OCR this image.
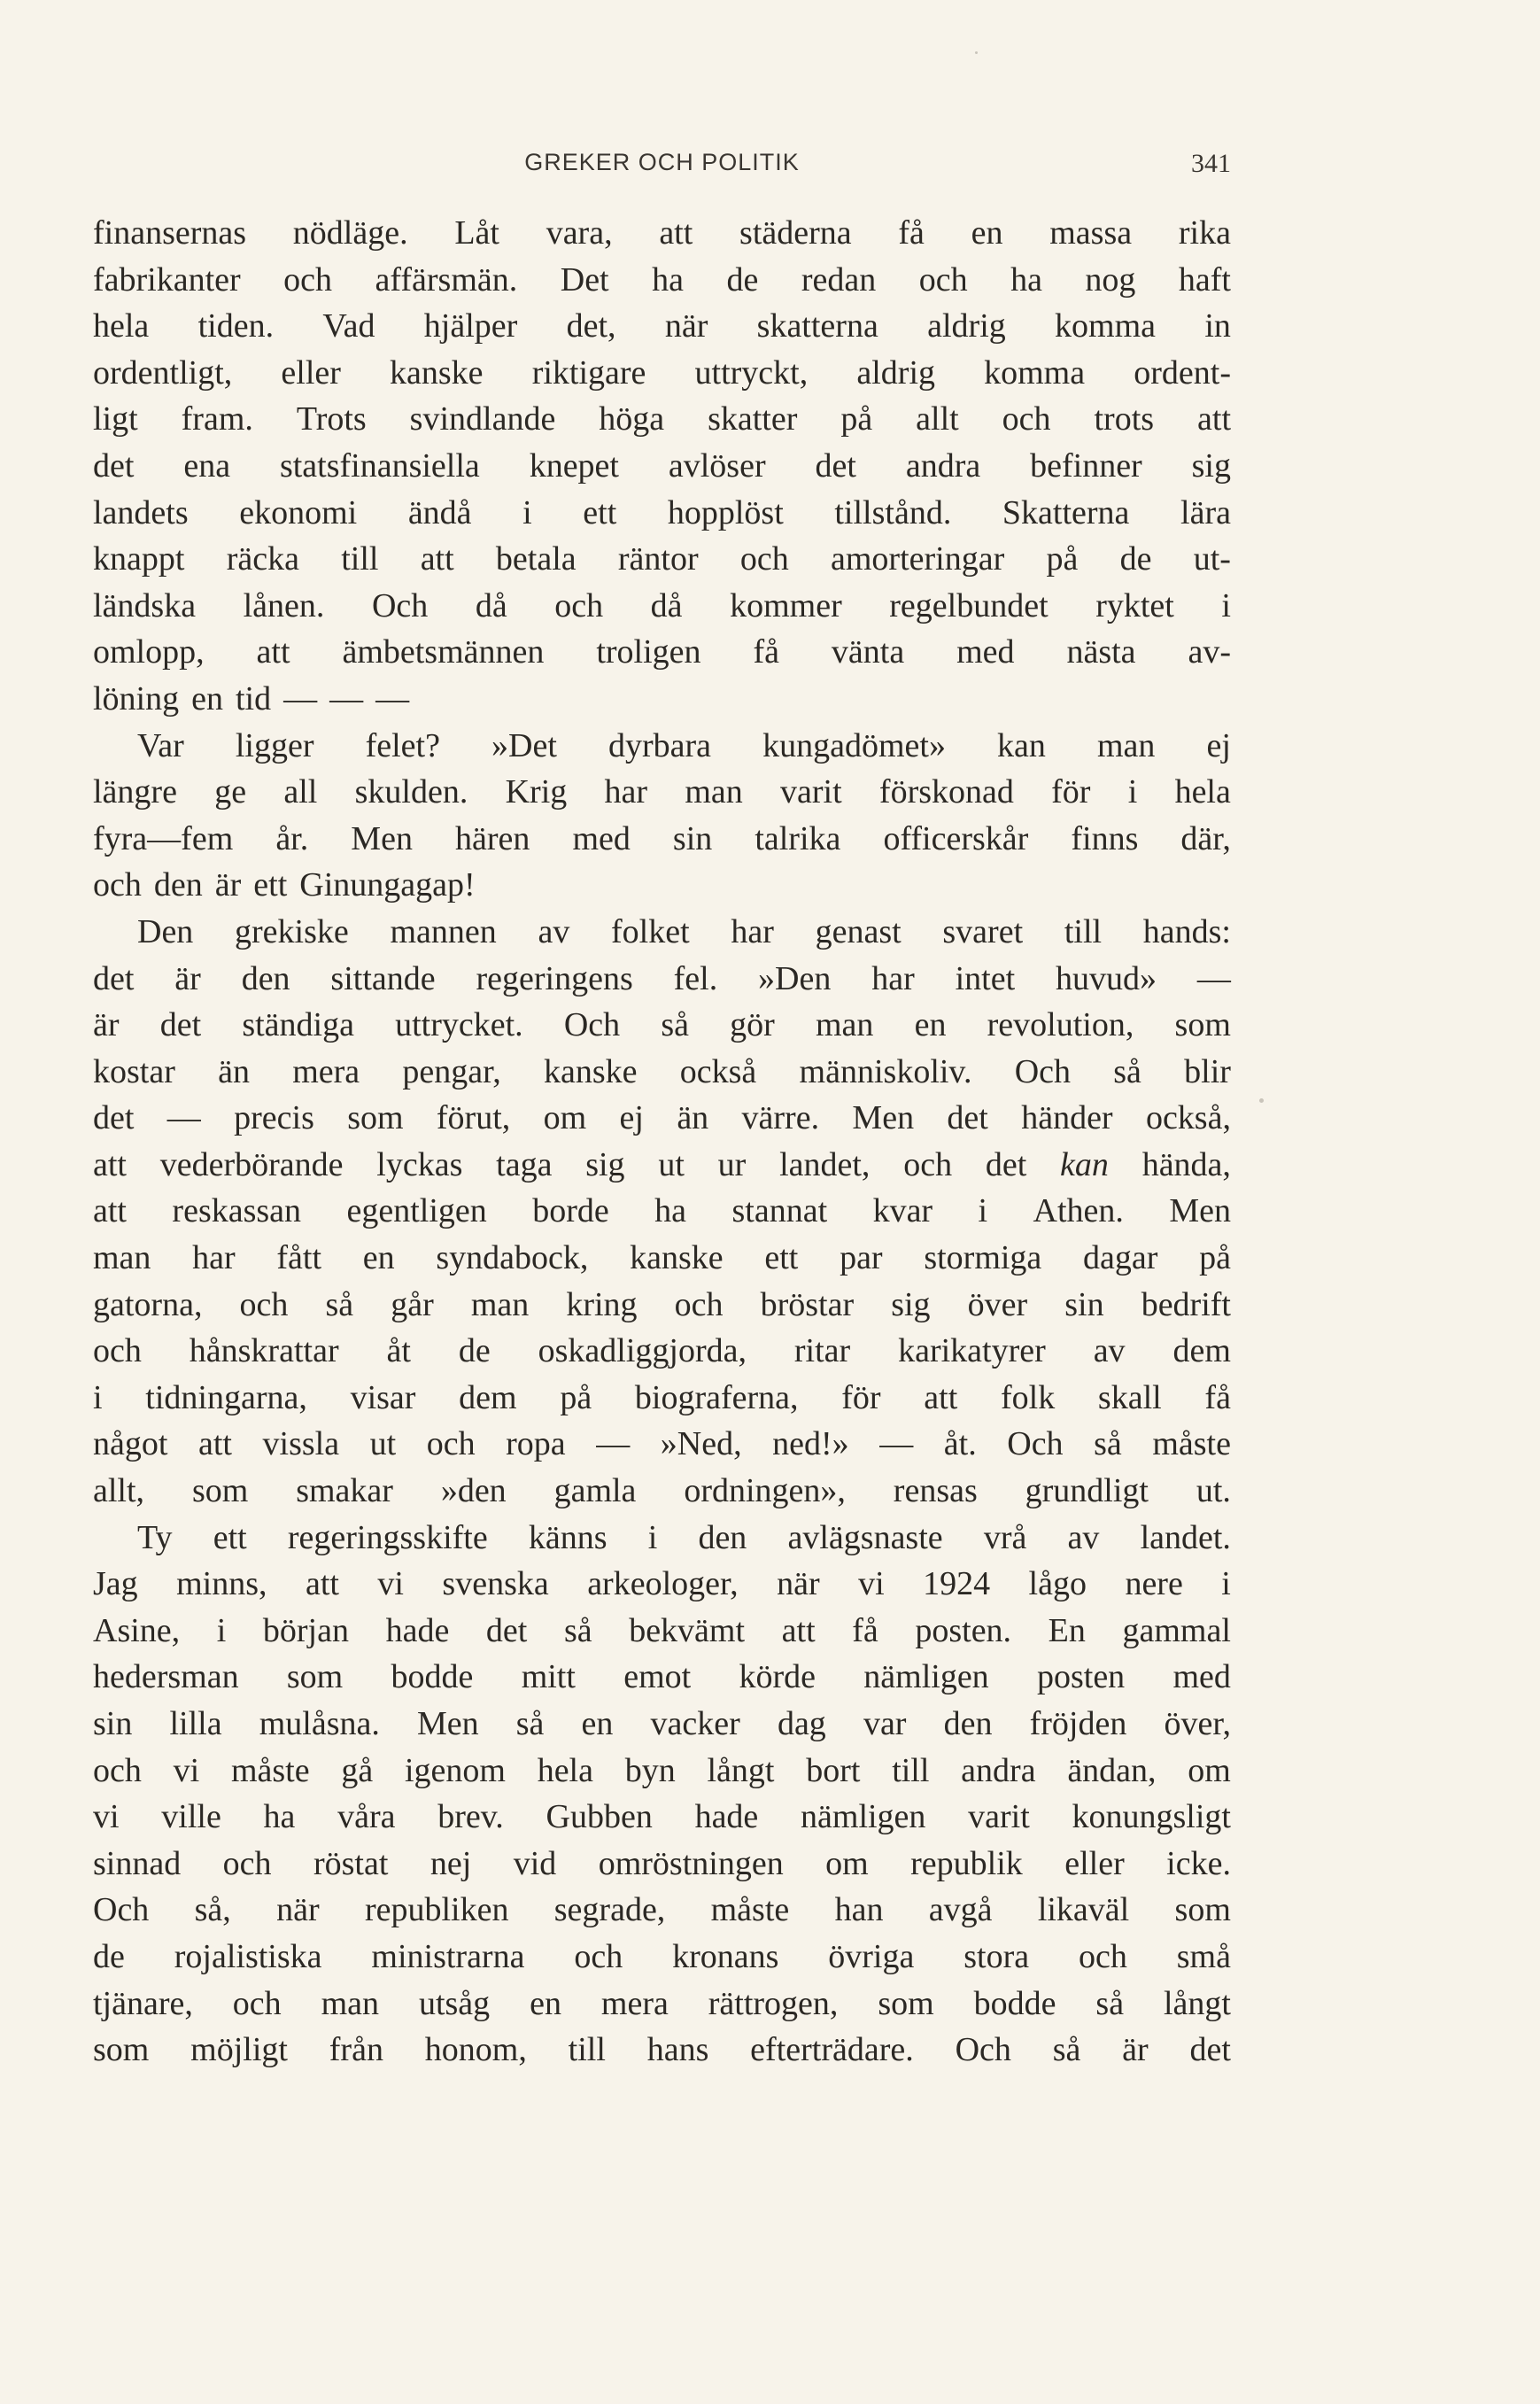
GREKER OCH POLITIK	341
finansernas nödläge. Låt vara, att städerna få en massa rika
fabrikanter och affärsmän. Det ha de redan och ha nog haft
hela tiden. Vad hjälper det, när skatterna aldrig komma in
ordentligt, eller kanske riktigare uttryckt, aldrig komma ordent-
ligt fram. Trots svindlande höga skatter på allt och trots att
det ena statsfinansiella knepet avlöser det andra befinner sig
landets ekonomi ändå i ett hopplöst tillstånd. Skatterna lära
knappt räcka till att betala räntor och amorteringar på de ut-
ländska lånen. Och då och då kommer regelbundet ryktet i
omlopp, att ämbetsmännen troligen få vänta med nästa av-
löning en tid — — —
Var ligger felet? »Det dyrbara kungadömet» kan man ej
längre ge all skulden. Krig har man varit förskonad för i hela
fyra—fem år. Men hären med sin talrika officerskår finns där,
och den är ett Ginungagap!
Den grekiske mannen av folket har genast svaret till hands:
det är den sittande regeringens fel. »Den har intet huvud» —
är det ständiga uttrycket. Och så gör man en revolution, som
kostar än mera pengar, kanske också människoliv. Och så blir
det — precis som förut, om ej än värre. Men det händer också,
att vederbörande lyckas taga sig ut ur landet, och det kan hända,
att reskassan egentligen borde ha stannat kvar i Athen. Men
man har fått en syndabock, kanske ett par stormiga dagar på
gatorna, och så går man kring och bröstar sig över sin bedrift
och hånskrattar åt de oskadliggjorda, ritar karikatyrer av dem
i tidningarna, visar dem på biograferna, för att folk skall få
något att vissla ut och ropa — »Ned, ned!» — åt. Och så måste
allt, som smakar »den gamla ordningen», rensas grundligt ut.
Ty ett regeringsskifte känns i den avlägsnaste vrå av landet.
Jag minns, att vi svenska arkeologer, när vi 1924 lågo nere i
Asine, i början hade det så bekvämt att få posten. En gammal
hedersman som bodde mitt emot körde nämligen posten med
sin lilla mulåsna. Men så en vacker dag var den fröjden över,
och vi måste gå igenom hela byn långt bort till andra ändan, om
vi ville ha våra brev. Gubben hade nämligen varit konungsligt
sinnad och röstat nej vid omröstningen om republik eller icke.
Och så, när republiken segrade, måste han avgå likaväl som
de rojalistiska ministrarna och kronans övriga stora och små
tjänare, och man utsåg en mera rättrogen, som bodde så långt
som möjligt från honom, till hans efterträdare. Och så är det
